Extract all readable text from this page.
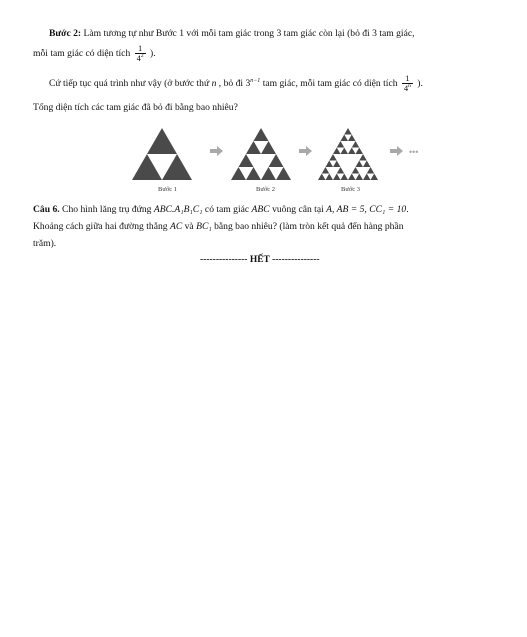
Bước 2: Làm tương tự như Bước 1 với mỗi tam giác trong 3 tam giác còn lại (bỏ đi 3 tam giác,
mỗi tam giác có diện tích $\frac{1}{4^2}$ ).
Cứ tiếp tục quá trình như vậy (ở bước thứ n , bỏ đi $3^{n-1}$ tam giác, mỗi tam giác có diện tích $\frac{1}{4^n}$ ).
Tổng diện tích các tam giác đã bỏ đi bằng bao nhiêu?
•••
Bước 1	Bước 2	Bước 3
Câu 6. Cho hình lăng trụ đứng ABC.A₁B₁C₁ có tam giác ABC vuông cân tại A, AB = 5, CC₁ = 10.
Khoảng cách giữa hai đường thẳng AC và BC₁ bằng bao nhiêu? (làm tròn kết quả đến hàng phần
trăm).
--------------- HẾT ---------------
